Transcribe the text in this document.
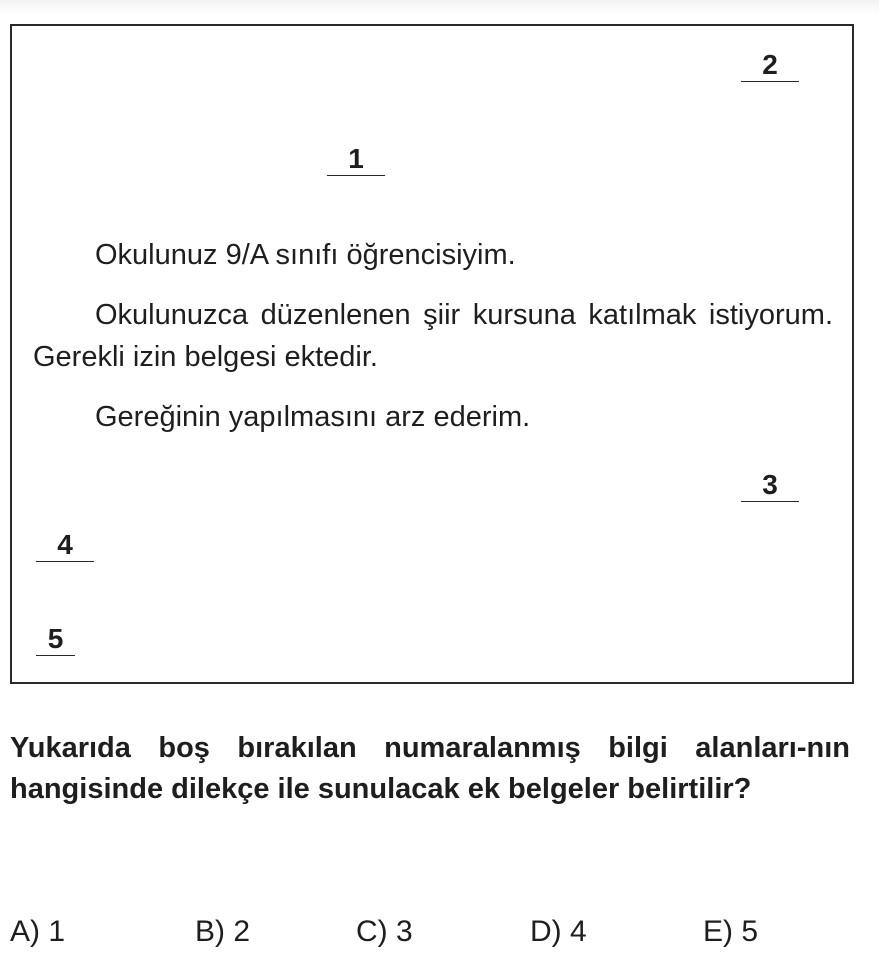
2
1

Okulunuz 9/A sınıfı öğrencisiyim.

Okulunuzca düzenlenen şiir kursuna katılmak istiyorum. Gerekli izin belgesi ektedir.

Gereğinin yapılmasını arz ederim.

3
4
5

Yukarıda boş bırakılan numaralanmış bilgi alanları-nın hangisinde dilekçe ile sunulacak ek belgeler belirtilir?

A) 1	B) 2	C) 3	D) 4	E) 5
